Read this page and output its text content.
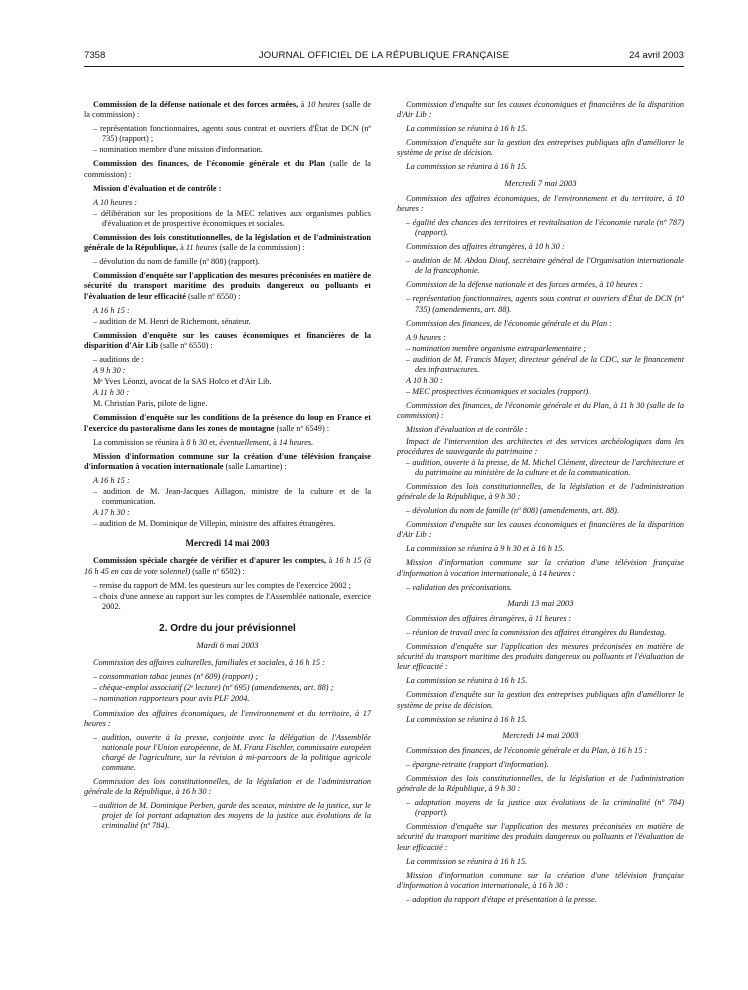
7358	JOURNAL OFFICIEL DE LA RÉPUBLIQUE FRANÇAISE	24 avril 2003

Commission de la défense nationale et des forces armées, à 10 heures (salle de la commission) :

– représentation fonctionnaires, agents sous contrat et ouvriers d'État de DCN (nº 735) (rapport) ;

– nomination membre d'une mission d'information.

Commission des finances, de l'économie générale et du Plan (salle de la commission) :

Mission d'évaluation et de contrôle :

A 10 heures :

– délibération sur les propositions de la MEC relatives aux organismes publics d'évaluation et de prospective économiques et sociales.

Commission des lois constitutionnelles, de la législation et de l'administration générale de la République, à 11 heures (salle de la commission) :

– dévolution du nom de famille (nº 808) (rapport).

Commission d'enquête sur l'application des mesures préconisées en matière de sécurité du transport maritime des produits dangereux ou polluants et l'évaluation de leur efficacité (salle nº 6550) :

A 16 h 15 :

– audition de M. Henri de Richemont, sénateur.

Commission d'enquête sur les causes économiques et financières de la disparition d'Air Lib (salle nº 6550) :

– auditions de :

A 9 h 30 :

Mᵉ Yves Léonzi, avocat de la SAS Holco et d'Air Lib.

A 11 h 30 :

M. Christian Paris, pilote de ligne.

Commission d'enquête sur les conditions de la présence du loup en France et l'exercice du pastoralisme dans les zones de montagne (salle nº 6549) :

La commission se réunira à 8 h 30 et, éventuellement, à 14 heures.

Mission d'information commune sur la création d'une télévision française d'information à vocation internationale (salle Lamartine) :

A 16 h 15 :

– audition de M. Jean-Jacques Aillagon, ministre de la culture et de la communication.

A 17 h 30 :

– audition de M. Dominique de Villepin, ministre des affaires étrangères.

Mercredi 14 mai 2003

Commission spéciale chargée de vérifier et d'apurer les comptes, à 16 h 15 (à 16 h 45 en cas de vote solennel) (salle nº 6502) :

– remise du rapport de MM. les questeurs sur les comptes de l'exercice 2002 ;

– choix d'une annexe au rapport sur les comptes de l'Assemblée nationale, exercice 2002.

2. Ordre du jour prévisionnel

Mardi 6 mai 2003

Commission des affaires culturelles, familiales et sociales, à 16 h 15 :

– consommation tabac jeunes (nº 609) (rapport) ;

– chèque-emploi associatif (2ᵉ lecture) (nº 695) (amendements, art. 88) ;

– nomination rapporteurs pour avis PLF 2004.

Commission des affaires économiques, de l'environnement et du territoire, à 17 heures :

– audition, ouverte à la presse, conjointe avec la délégation de l'Assemblée nationale pour l'Union européenne, de M. Franz Fischler, commissaire européen chargé de l'agriculture, sur la révision à mi-parcours de la politique agricole commune.

Commission des lois constitutionnelles, de la législation et de l'administration générale de la République, à 16 h 30 :

– audition de M. Dominique Perben, garde des sceaux, ministre de la justice, sur le projet de loi portant adaptation des moyens de la justice aux évolutions de la criminalité (nº 784).

Commission d'enquête sur les causes économiques et financières de la disparition d'Air Lib :

La commission se réunira à 16 h 15.

Commission d'enquête sur la gestion des entreprises publiques afin d'améliorer le système de prise de décision.

La commission se réunira à 16 h 15.

Mercredi 7 mai 2003

Commission des affaires économiques, de l'environnement et du territoire, à 10 heures :

– égalité des chances des territoires et revitalisation de l'économie rurale (nº 787) (rapport).

Commission des affaires étrangères, à 10 h 30 :

– audition de M. Abdou Diouf, secrétaire général de l'Organisation internationale de la francophonie.

Commission de la défense nationale et des forces armées, à 10 heures :

– représentation fonctionnaires, agents sous contrat et ouvriers d'État de DCN (nº 735) (amendements, art. 88).

Commission des finances, de l'économie générale et du Plan :

A 9 heures :

– nomination membre organisme extraparlementaire ;

– audition de M. Francis Mayer, directeur général de la CDC, sur le financement des infrastructures.

A 10 h 30 :

– MEC prospectives économiques et sociales (rapport).

Commission des finances, de l'économie générale et du Plan, à 11 h 30 (salle de la commission) :

Mission d'évaluation et de contrôle :

Impact de l'intervention des architectes et des services archéologiques dans les procédures de sauvegarde du patrimoine :

– audition, ouverte à la presse, de M. Michel Clément, directeur de l'architecture et du patrimoine au ministère de la culture et de la communication.

Commission des lois constitutionnelles, de la législation et de l'administration générale de la République, à 9 h 30 :

– dévolution du nom de famille (nº 808) (amendements, art. 88).

Commission d'enquête sur les causes économiques et financières de la disparition d'Air Lib :

La commission se réunira à 9 h 30 et à 16 h 15.

Mission d'information commune sur la création d'une télévision française d'information à vocation internationale, à 14 heures :

– validation des préconisations.

Mardi 13 mai 2003

Commission des affaires étrangères, à 11 heures :

– réunion de travail avec la commission des affaires étrangères du Bundestag.

Commission d'enquête sur l'application des mesures préconisées en matière de sécurité du transport maritime des produits dangereux ou polluants et l'évaluation de leur efficacité :

La commission se réunira à 16 h 15.

Commission d'enquête sur la gestion des entreprises publiques afin d'améliorer le système de prise de décision.

La commission se réunira à 16 h 15.

Mercredi 14 mai 2003

Commission des finances, de l'économie générale et du Plan, à 16 h 15 :

– épargne-retraite (rapport d'information).

Commission des lois constitutionnelles, de la législation et de l'administration générale de la République, à 9 h 30 :

– adaptation moyens de la justice aux évolutions de la criminalité (nº 784) (rapport).

Commission d'enquête sur l'application des mesures préconisées en matière de sécurité du transport maritime des produits dangereux ou polluants et l'évaluation de leur efficacité :

La commission se réunira à 16 h 15.

Mission d'information commune sur la création d'une télévision française d'information à vocation internationale, à 16 h 30 :

– adoption du rapport d'étape et présentation à la presse.
